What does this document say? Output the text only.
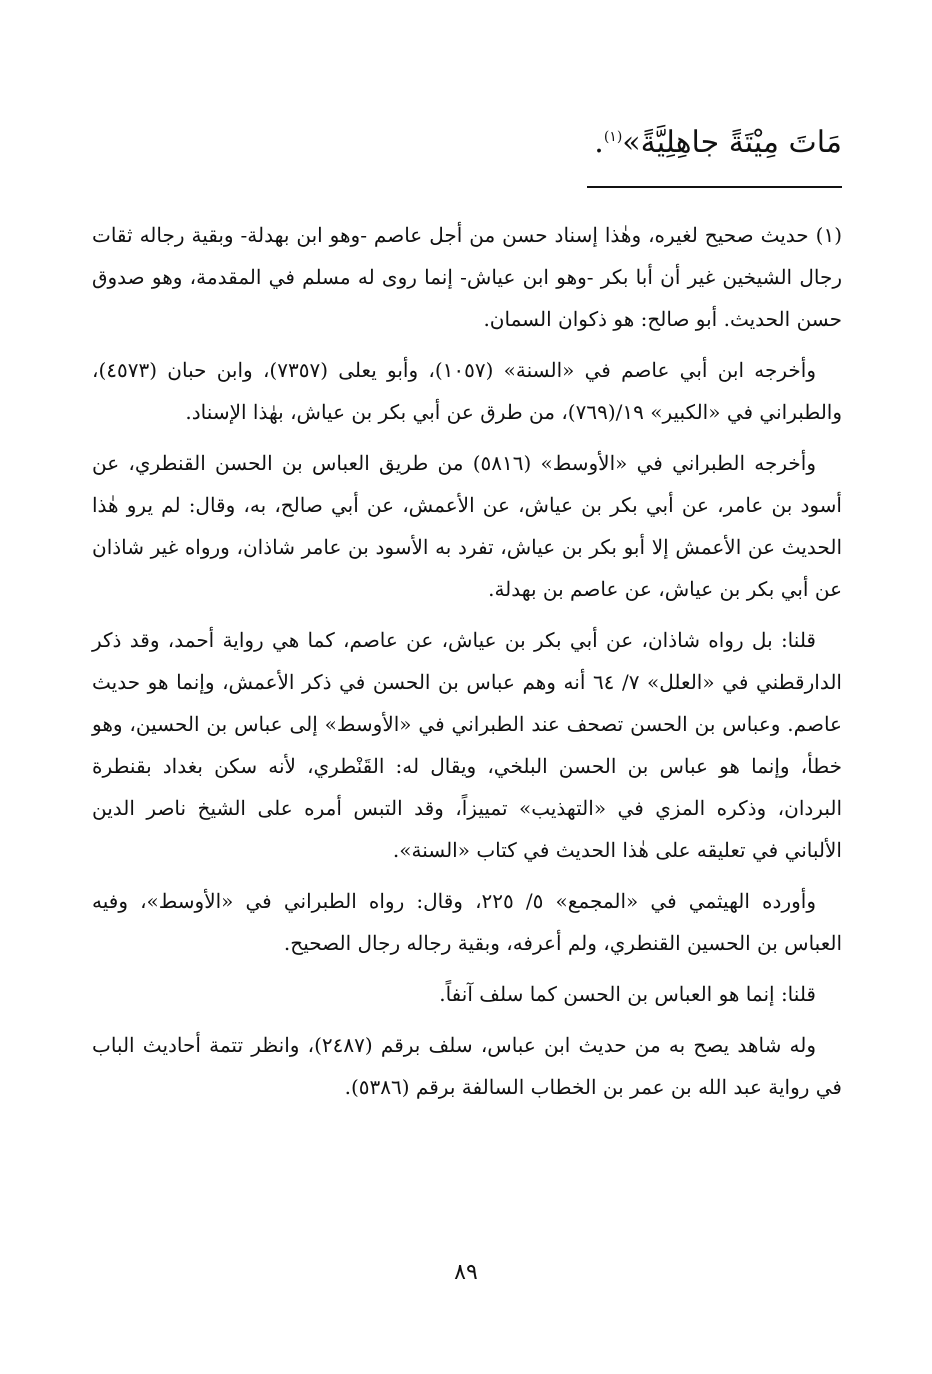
مَاتَ مِيْتَةً جاهِلِيَّةً»$^{(١)}$.

(١) حديث صحيح لغيره، وهٰذا إسناد حسن من أجل عاصم -وهو ابن بهدلة- وبقية رجاله ثقات رجال الشيخين غير أن أبا بكر -وهو ابن عياش- إنما روى له مسلم في المقدمة، وهو صدوق حسن الحديث. أبو صالح: هو ذكوان السمان.

وأخرجه ابن أبي عاصم في «السنة» (١٠٥٧)، وأبو يعلى (٧٣٥٧)، وابن حبان (٤٥٧٣)، والطبراني في «الكبير» ١٩/(٧٦٩)، من طرق عن أبي بكر بن عياش، بهٰذا الإسناد.

وأخرجه الطبراني في «الأوسط» (٥٨١٦) من طريق العباس بن الحسن القنطري، عن أسود بن عامر، عن أبي بكر بن عياش، عن الأعمش، عن أبي صالح، به، وقال: لم يرو هٰذا الحديث عن الأعمش إلا أبو بكر بن عياش، تفرد به الأسود بن عامر شاذان، ورواه غير شاذان عن أبي بكر بن عياش، عن عاصم بن بهدلة.

قلنا: بل رواه شاذان، عن أبي بكر بن عياش، عن عاصم، كما هي رواية أحمد، وقد ذكر الدارقطني في «العلل» ٧/ ٦٤ أنه وهم عباس بن الحسن في ذكر الأعمش، وإنما هو حديث عاصم. وعباس بن الحسن تصحف عند الطبراني في «الأوسط» إلى عباس بن الحسين، وهو خطأ، وإنما هو عباس بن الحسن البلخي، ويقال له: القَنْطري، لأنه سكن بغداد بقنطرة البردان، وذكره المزي في «التهذيب» تمييزاً، وقد التبس أمره على الشيخ ناصر الدين الألباني في تعليقه على هٰذا الحديث في كتاب «السنة».

وأورده الهيثمي في «المجمع» ٥/ ٢٢٥، وقال: رواه الطبراني في «الأوسط»، وفيه العباس بن الحسين القنطري، ولم أعرفه، وبقية رجاله رجال الصحيح.

قلنا: إنما هو العباس بن الحسن كما سلف آنفاً.

وله شاهد يصح به من حديث ابن عباس، سلف برقم (٢٤٨٧)، وانظر تتمة أحاديث الباب في رواية عبد الله بن عمر بن الخطاب السالفة برقم (٥٣٨٦).

٨٩
